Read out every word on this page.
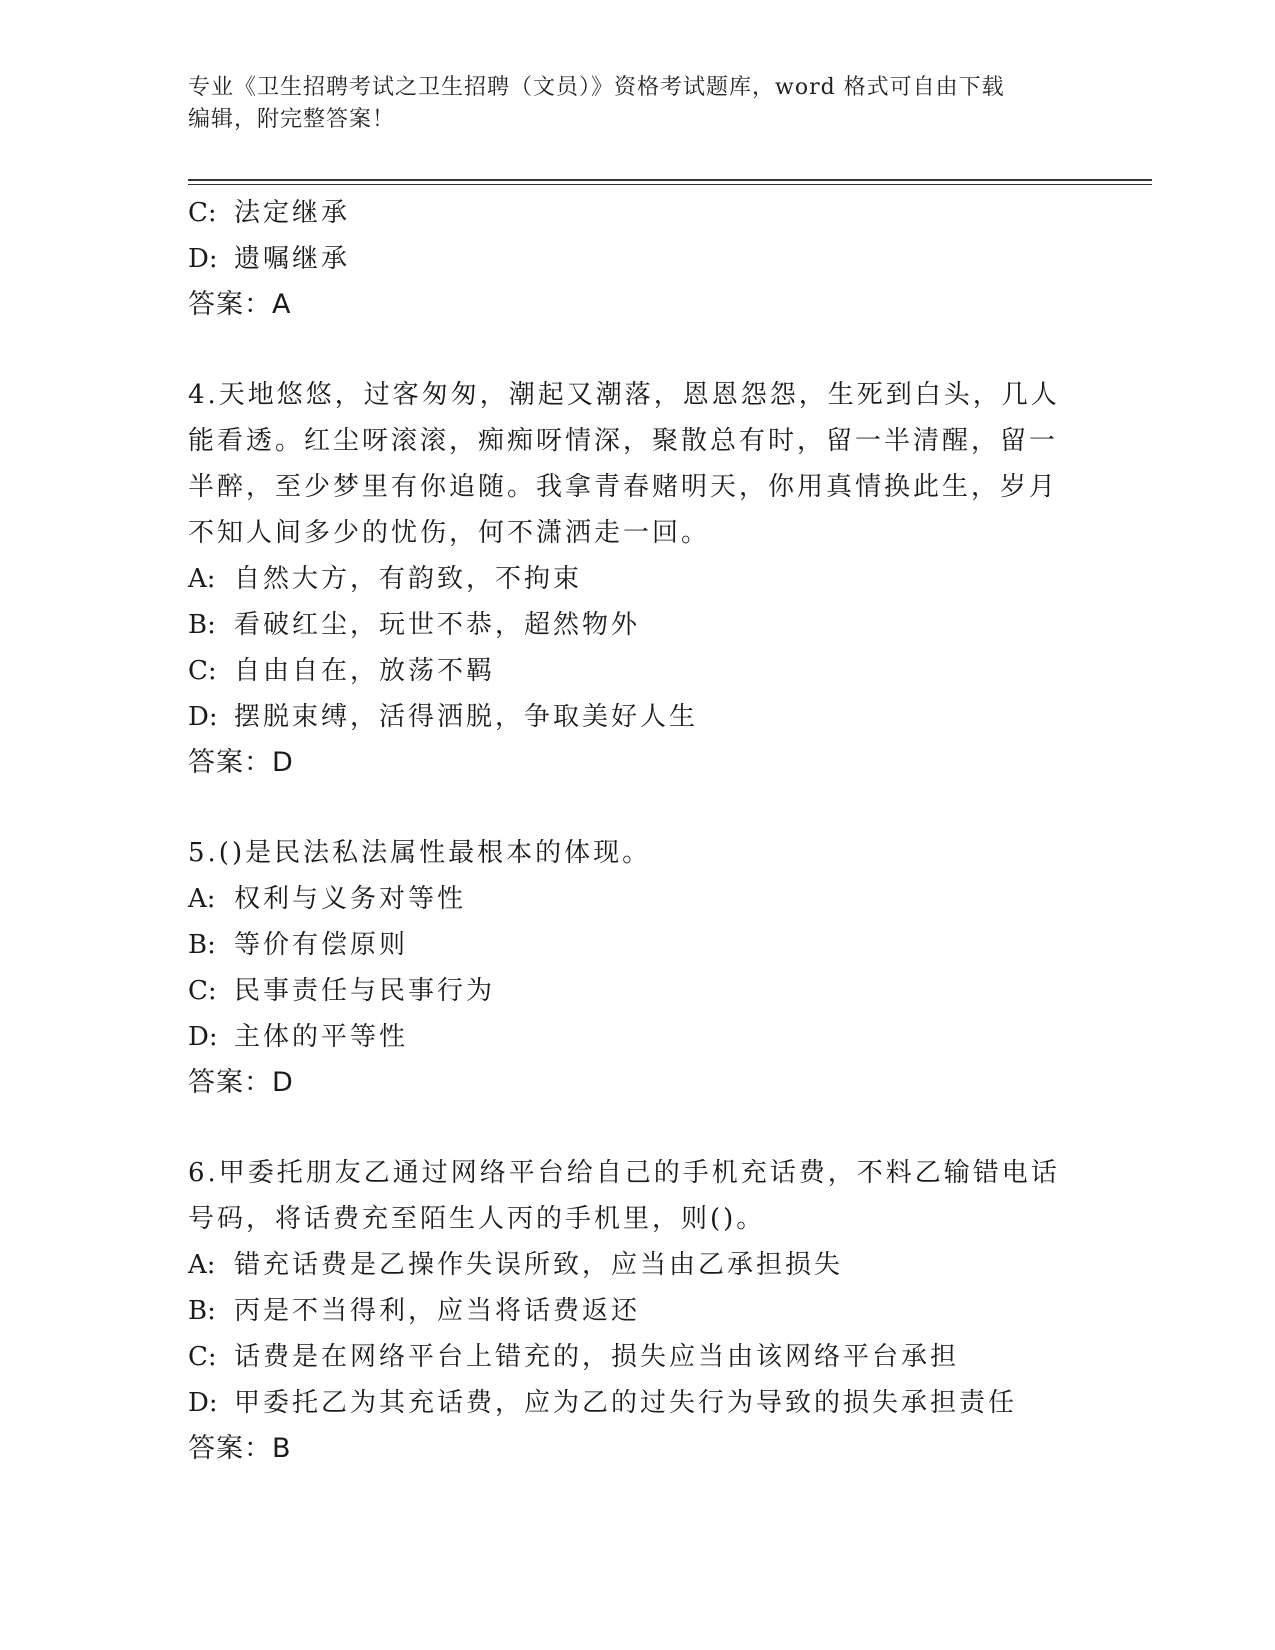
专业《卫生招聘考试之卫生招聘（文员）》资格考试题库，word 格式可自由下载
编辑，附完整答案！
C: 法定继承
D: 遗嘱继承
答案：A
4.天地悠悠，过客匆匆，潮起又潮落，恩恩怨怨，生死到白头，几人能看透。红尘呀滚滚，痴痴呀情深，聚散总有时，留一半清醒，留一半醉，至少梦里有你追随。我拿青春赌明天，你用真情换此生，岁月不知人间多少的忧伤，何不潇洒走一回。
A: 自然大方，有韵致，不拘束
B: 看破红尘，玩世不恭，超然物外
C: 自由自在，放荡不羁
D: 摆脱束缚，活得洒脱，争取美好人生
答案：D
5.()是民法私法属性最根本的体现。
A: 权利与义务对等性
B: 等价有偿原则
C: 民事责任与民事行为
D: 主体的平等性
答案：D
6.甲委托朋友乙通过网络平台给自己的手机充话费，不料乙输错电话号码，将话费充至陌生人丙的手机里，则()。
A: 错充话费是乙操作失误所致，应当由乙承担损失
B: 丙是不当得利，应当将话费返还
C: 话费是在网络平台上错充的，损失应当由该网络平台承担
D: 甲委托乙为其充话费，应为乙的过失行为导致的损失承担责任
答案：B
